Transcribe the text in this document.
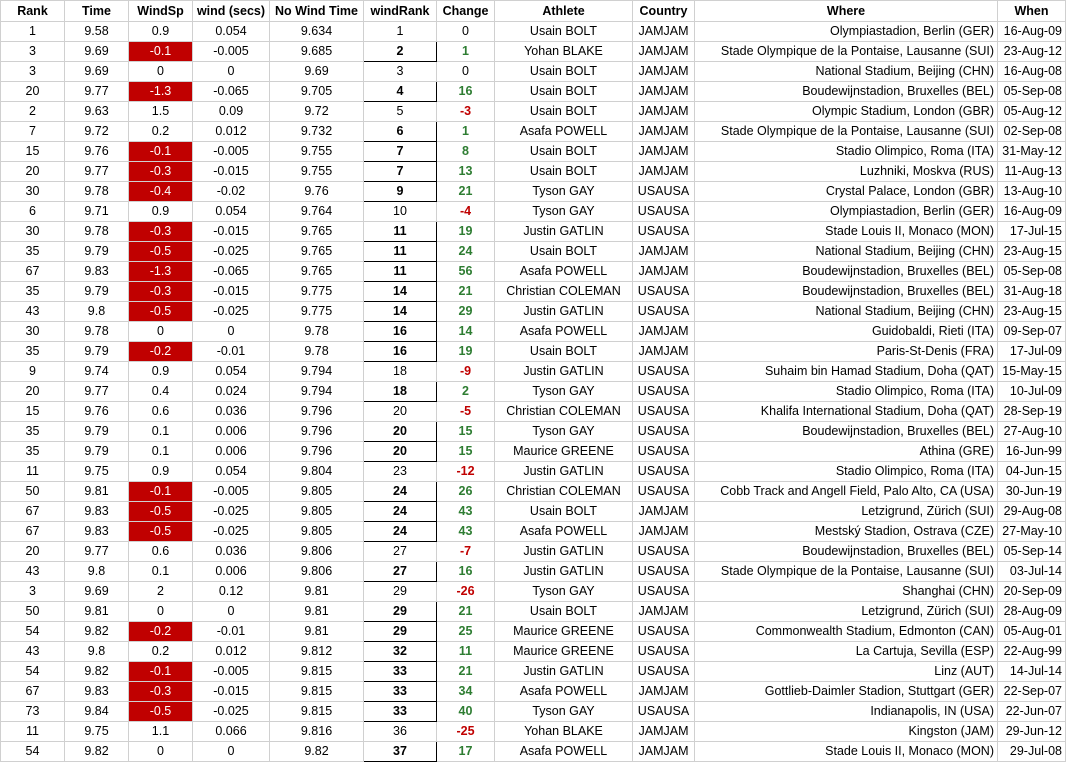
Rank	Time	WindSp	wind (secs)	No Wind Time	windRank	Change	Athlete	Country	Where	When
1	9.58	0.9	0.054	9.634	1	0	Usain BOLT	JAMJAM	Olympiastadion, Berlin (GER)	16-Aug-09
3	9.69	-0.1	-0.005	9.685	2	1	Yohan BLAKE	JAMJAM	Stade Olympique de la Pontaise, Lausanne (SUI)	23-Aug-12
3	9.69	0	0	9.69	3	0	Usain BOLT	JAMJAM	National Stadium, Beijing (CHN)	16-Aug-08
20	9.77	-1.3	-0.065	9.705	4	16	Usain BOLT	JAMJAM	Boudewijnstadion, Bruxelles (BEL)	05-Sep-08
2	9.63	1.5	0.09	9.72	5	-3	Usain BOLT	JAMJAM	Olympic Stadium, London (GBR)	05-Aug-12
7	9.72	0.2	0.012	9.732	6	1	Asafa POWELL	JAMJAM	Stade Olympique de la Pontaise, Lausanne (SUI)	02-Sep-08
15	9.76	-0.1	-0.005	9.755	7	8	Usain BOLT	JAMJAM	Stadio Olimpico, Roma (ITA)	31-May-12
20	9.77	-0.3	-0.015	9.755	7	13	Usain BOLT	JAMJAM	Luzhniki, Moskva (RUS)	11-Aug-13
30	9.78	-0.4	-0.02	9.76	9	21	Tyson GAY	USAUSA	Crystal Palace, London (GBR)	13-Aug-10
6	9.71	0.9	0.054	9.764	10	-4	Tyson GAY	USAUSA	Olympiastadion, Berlin (GER)	16-Aug-09
30	9.78	-0.3	-0.015	9.765	11	19	Justin GATLIN	USAUSA	Stade Louis II, Monaco (MON)	17-Jul-15
35	9.79	-0.5	-0.025	9.765	11	24	Usain BOLT	JAMJAM	National Stadium, Beijing (CHN)	23-Aug-15
67	9.83	-1.3	-0.065	9.765	11	56	Asafa POWELL	JAMJAM	Boudewijnstadion, Bruxelles (BEL)	05-Sep-08
35	9.79	-0.3	-0.015	9.775	14	21	Christian COLEMAN	USAUSA	Boudewijnstadion, Bruxelles (BEL)	31-Aug-18
43	9.8	-0.5	-0.025	9.775	14	29	Justin GATLIN	USAUSA	National Stadium, Beijing (CHN)	23-Aug-15
30	9.78	0	0	9.78	16	14	Asafa POWELL	JAMJAM	Guidobaldi, Rieti (ITA)	09-Sep-07
35	9.79	-0.2	-0.01	9.78	16	19	Usain BOLT	JAMJAM	Paris-St-Denis (FRA)	17-Jul-09
9	9.74	0.9	0.054	9.794	18	-9	Justin GATLIN	USAUSA	Suhaim bin Hamad Stadium, Doha (QAT)	15-May-15
20	9.77	0.4	0.024	9.794	18	2	Tyson GAY	USAUSA	Stadio Olimpico, Roma (ITA)	10-Jul-09
15	9.76	0.6	0.036	9.796	20	-5	Christian COLEMAN	USAUSA	Khalifa International Stadium, Doha (QAT)	28-Sep-19
35	9.79	0.1	0.006	9.796	20	15	Tyson GAY	USAUSA	Boudewijnstadion, Bruxelles (BEL)	27-Aug-10
35	9.79	0.1	0.006	9.796	20	15	Maurice GREENE	USAUSA	Athina (GRE)	16-Jun-99
11	9.75	0.9	0.054	9.804	23	-12	Justin GATLIN	USAUSA	Stadio Olimpico, Roma (ITA)	04-Jun-15
50	9.81	-0.1	-0.005	9.805	24	26	Christian COLEMAN	USAUSA	Cobb Track and Angell Field, Palo Alto, CA (USA)	30-Jun-19
67	9.83	-0.5	-0.025	9.805	24	43	Usain BOLT	JAMJAM	Letzigrund, Zürich (SUI)	29-Aug-08
67	9.83	-0.5	-0.025	9.805	24	43	Asafa POWELL	JAMJAM	Mestský Stadion, Ostrava (CZE)	27-May-10
20	9.77	0.6	0.036	9.806	27	-7	Justin GATLIN	USAUSA	Boudewijnstadion, Bruxelles (BEL)	05-Sep-14
43	9.8	0.1	0.006	9.806	27	16	Justin GATLIN	USAUSA	Stade Olympique de la Pontaise, Lausanne (SUI)	03-Jul-14
3	9.69	2	0.12	9.81	29	-26	Tyson GAY	USAUSA	Shanghai (CHN)	20-Sep-09
50	9.81	0	0	9.81	29	21	Usain BOLT	JAMJAM	Letzigrund, Zürich (SUI)	28-Aug-09
54	9.82	-0.2	-0.01	9.81	29	25	Maurice GREENE	USAUSA	Commonwealth Stadium, Edmonton (CAN)	05-Aug-01
43	9.8	0.2	0.012	9.812	32	11	Maurice GREENE	USAUSA	La Cartuja, Sevilla (ESP)	22-Aug-99
54	9.82	-0.1	-0.005	9.815	33	21	Justin GATLIN	USAUSA	Linz (AUT)	14-Jul-14
67	9.83	-0.3	-0.015	9.815	33	34	Asafa POWELL	JAMJAM	Gottlieb-Daimler Stadion, Stuttgart (GER)	22-Sep-07
73	9.84	-0.5	-0.025	9.815	33	40	Tyson GAY	USAUSA	Indianapolis, IN (USA)	22-Jun-07
11	9.75	1.1	0.066	9.816	36	-25	Yohan BLAKE	JAMJAM	Kingston (JAM)	29-Jun-12
54	9.82	0	0	9.82	37	17	Asafa POWELL	JAMJAM	Stade Louis II, Monaco (MON)	29-Jul-08
